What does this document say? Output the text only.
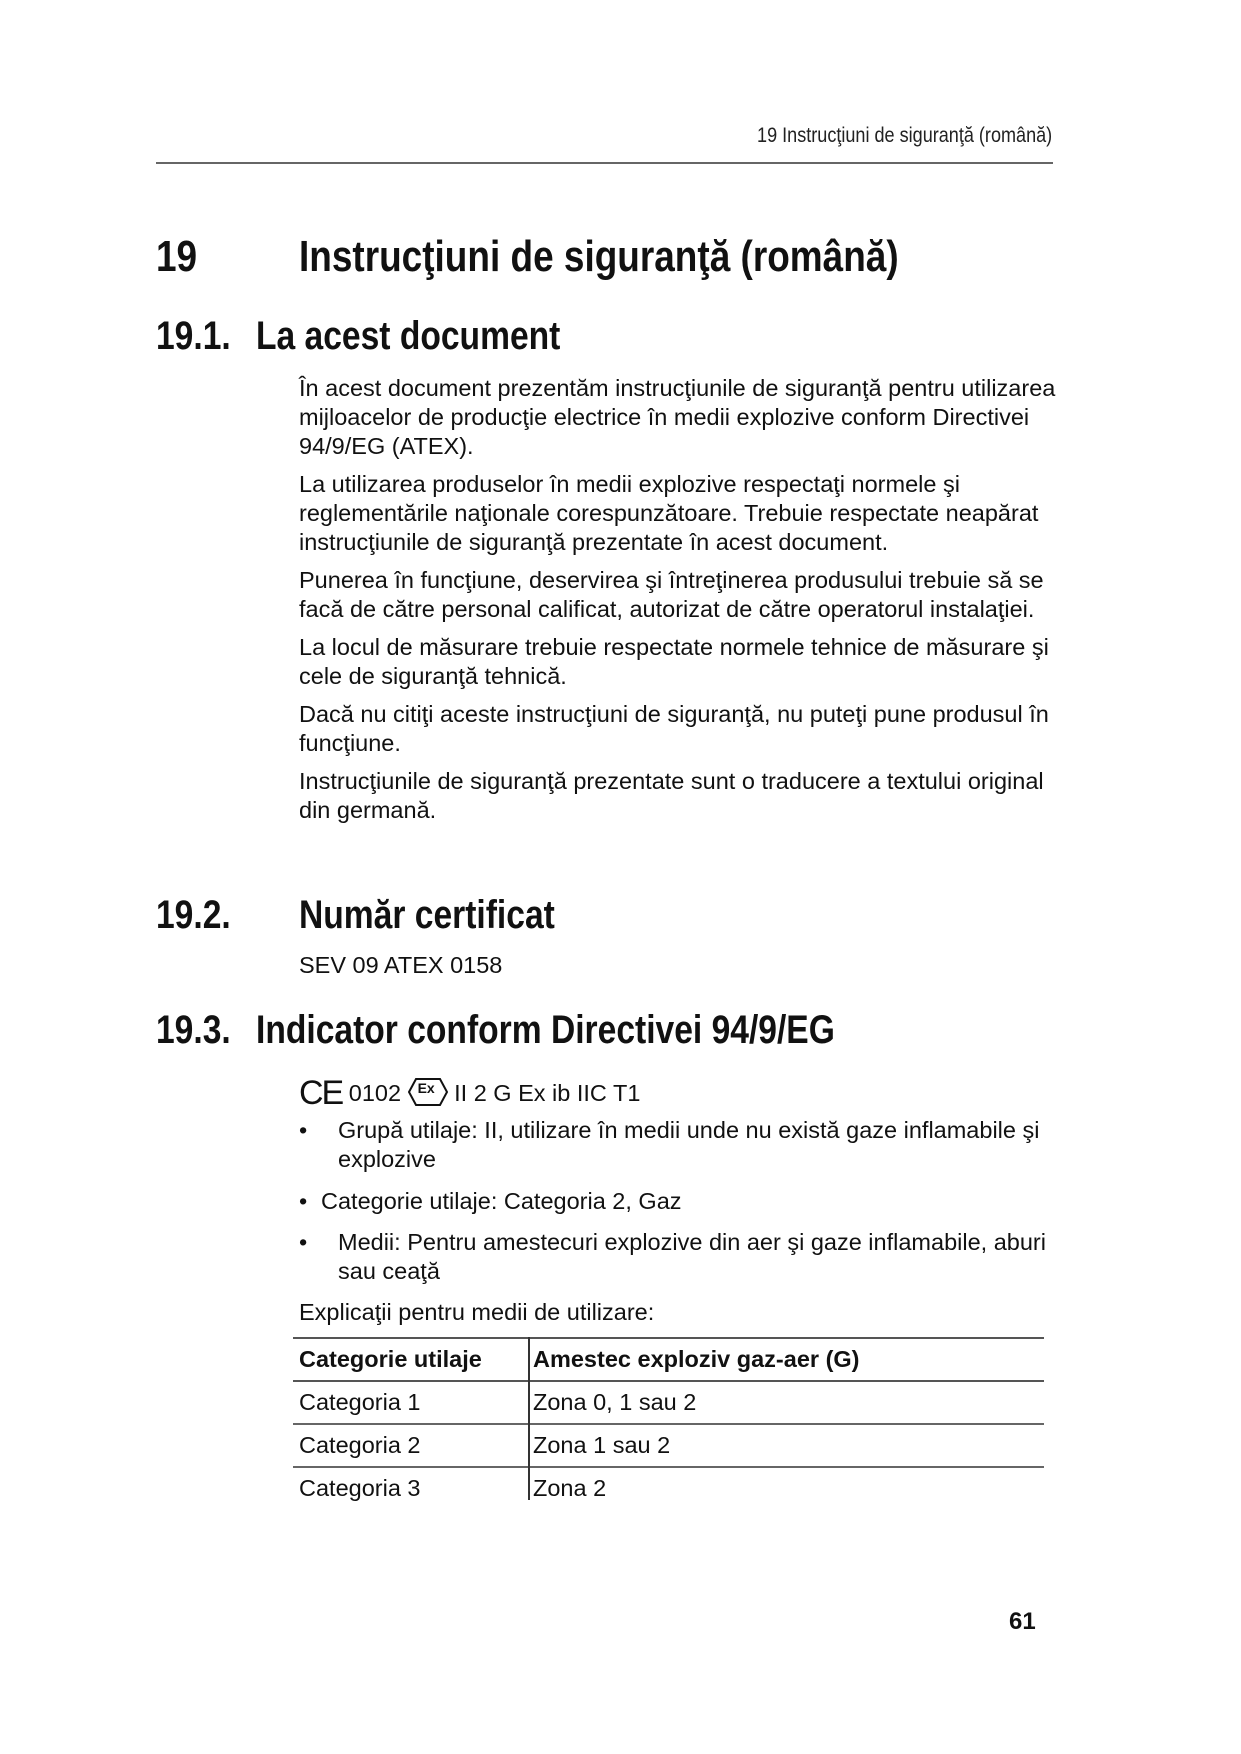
19 Instrucţiuni de siguranţă (română)
19 Instrucţiuni de siguranţă (română)
19.1. La acest document

În acest document prezentăm instrucţiunile de siguranţă pentru utilizarea mijloacelor de producţie electrice în medii explozive conform Directivei 94/9/EG (ATEX).

La utilizarea produselor în medii explozive respectaţi normele şi reglementările naţionale corespunzătoare. Trebuie respectate neapărat instrucţiunile de siguranţă prezentate în acest document.

Punerea în funcţiune, deservirea şi întreţinerea produsului trebuie să se facă de către personal calificat, autorizat de către operatorul instalaţiei.

La locul de măsurare trebuie respectate normele tehnice de măsurare şi cele de siguranţă tehnică.

Dacă nu citiţi aceste instrucţiuni de siguranţă, nu puteţi pune produsul în funcţiune.

Instrucţiunile de siguranţă prezentate sunt o traducere a textului original din germană.

19.2. Număr certificat
SEV 09 ATEX 0158
19.3. Indicator conform Directivei 94/9/EG
CE 0102 Ex II 2 G Ex ib IIC T1
• Grupă utilaje: II, utilizare în medii unde nu există gaze inflamabile şi explozive
• Categorie utilaje: Categoria 2, Gaz
• Medii: Pentru amestecuri explozive din aer şi gaze inflamabile, aburi sau ceaţă
Explicaţii pentru medii de utilizare:
Categorie utilaje	Amestec exploziv gaz-aer (G)
Categoria 1	Zona 0, 1 sau 2
Categoria 2	Zona 1 sau 2
Categoria 3	Zona 2
61
